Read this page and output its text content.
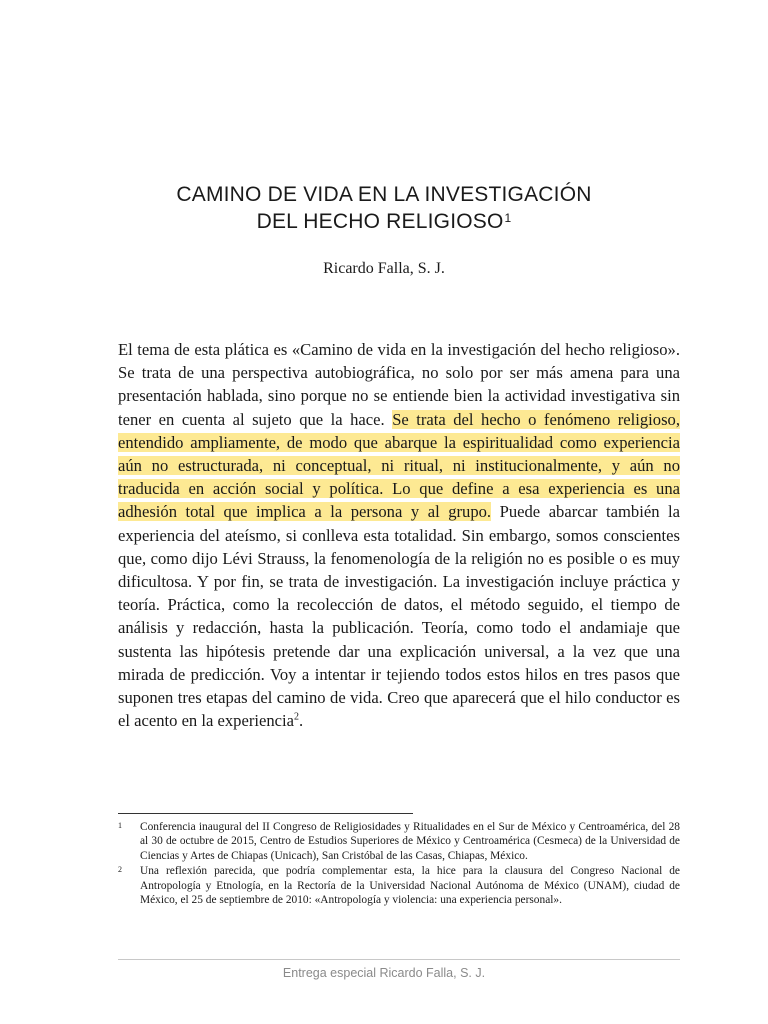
CAMINO DE VIDA EN LA INVESTIGACIÓN
DEL HECHO RELIGIOSO$^1$
Ricardo Falla, S. J.

El tema de esta plática es «Camino de vida en la investigación del hecho religioso». Se trata de una perspectiva autobiográfica, no solo por ser más amena para una presentación hablada, sino porque no se entiende bien la actividad investigativa sin tener en cuenta al sujeto que la hace. Se trata del hecho o fenómeno religioso, entendido ampliamente, de modo que abarque la espiritualidad como experiencia aún no estructurada, ni conceptual, ni ritual, ni institucionalmente, y aún no traducida en acción social y política. Lo que define a esa experiencia es una adhesión total que implica a la persona y al grupo. Puede abarcar también la experiencia del ateísmo, si conlleva esta totalidad. Sin embargo, somos conscientes que, como dijo Lévi Strauss, la fenomenología de la religión no es posible o es muy dificultosa. Y por fin, se trata de investigación. La investigación incluye práctica y teoría. Práctica, como la recolección de datos, el método seguido, el tiempo de análisis y redacción, hasta la publicación. Teoría, como todo el andamiaje que sustenta las hipótesis pretende dar una explicación universal, a la vez que una mirada de predicción. Voy a intentar ir tejiendo todos estos hilos en tres pasos que suponen tres etapas del camino de vida. Creo que aparecerá que el hilo conductor es el acento en la experiencia$^2$.

1	Conferencia inaugural del II Congreso de Religiosidades y Ritualidades en el Sur de México y Centroamérica, del 28 al 30 de octubre de 2015, Centro de Estudios Superiores de México y Centroamérica (Cesmeca) de la Universidad de Ciencias y Artes de Chiapas (Unicach), San Cristóbal de las Casas, Chiapas, México.
2	Una reflexión parecida, que podría complementar esta, la hice para la clausura del Congreso Nacional de Antropología y Etnología, en la Rectoría de la Universidad Nacional Autónoma de México (UNAM), ciudad de México, el 25 de septiembre de 2010: «Antropología y violencia: una experiencia personal».
Entrega especial Ricardo Falla, S. J.
